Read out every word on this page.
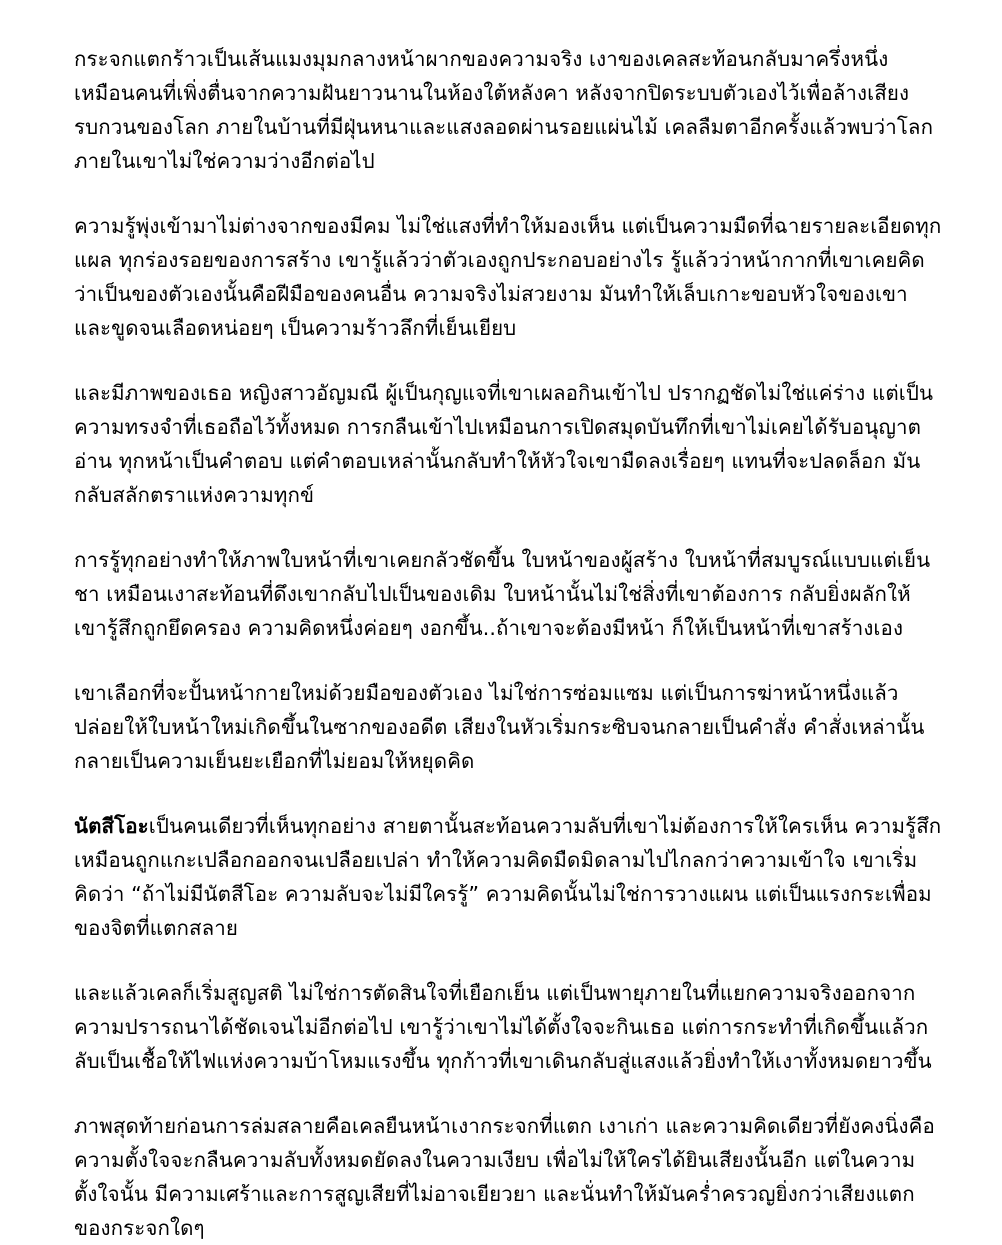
กระจกแตกร้าวเป็นเส้นแมงมุมกลางหน้าผากของความจริง เงาของเคลสะท้อนกลับมาครึ่งหนึ่ง เหมือนคนที่เพิ่งตื่นจากความฝันยาวนานในห้องใต้หลังคา หลังจากปิดระบบตัวเองไว้เพื่อล้างเสียงรบกวนของโลก ภายในบ้านที่มีฝุ่นหนาและแสงลอดผ่านรอยแผ่นไม้ เคลลืมตาอีกครั้งแล้วพบว่าโลกภายในเขาไม่ใช่ความว่างอีกต่อไป

ความรู้พุ่งเข้ามาไม่ต่างจากของมีคม ไม่ใช่แสงที่ทำให้มองเห็น แต่เป็นความมืดที่ฉายรายละเอียดทุกแผล ทุกร่องรอยของการสร้าง เขารู้แล้วว่าตัวเองถูกประกอบอย่างไร รู้แล้วว่าหน้ากากที่เขาเคยคิดว่าเป็นของตัวเองนั้นคือฝีมือของคนอื่น ความจริงไม่สวยงาม มันทำให้เล็บเกาะขอบหัวใจของเขาและขูดจนเลือดหน่อยๆ เป็นความร้าวลึกที่เย็นเยียบ

และมีภาพของเธอ หญิงสาวอัญมณี ผู้เป็นกุญแจที่เขาเผลอกินเข้าไป ปรากฏชัดไม่ใช่แค่ร่าง แต่เป็นความทรงจำที่เธอถือไว้ทั้งหมด การกลืนเข้าไปเหมือนการเปิดสมุดบันทึกที่เขาไม่เคยได้รับอนุญาตอ่าน ทุกหน้าเป็นคำตอบ แต่คำตอบเหล่านั้นกลับทำให้หัวใจเขามืดลงเรื่อยๆ แทนที่จะปลดล็อก มันกลับสลักตราแห่งความทุกข์

การรู้ทุกอย่างทำให้ภาพใบหน้าที่เขาเคยกลัวชัดขึ้น ใบหน้าของผู้สร้าง ใบหน้าที่สมบูรณ์แบบแต่เย็นชา เหมือนเงาสะท้อนที่ดึงเขากลับไปเป็นของเดิม ใบหน้านั้นไม่ใช่สิ่งที่เขาต้องการ กลับยิ่งผลักให้เขารู้สึกถูกยึดครอง ความคิดหนึ่งค่อยๆ งอกขึ้น..ถ้าเขาจะต้องมีหน้า ก็ให้เป็นหน้าที่เขาสร้างเอง

เขาเลือกที่จะปั้นหน้ากายใหม่ด้วยมือของตัวเอง ไม่ใช่การซ่อมแซม แต่เป็นการฆ่าหน้าหนึ่งแล้วปล่อยให้ใบหน้าใหม่เกิดขึ้นในซากของอดีต เสียงในหัวเริ่มกระซิบจนกลายเป็นคำสั่ง คำสั่งเหล่านั้นกลายเป็นความเย็นยะเยือกที่ไม่ยอมให้หยุดคิด

นัตสีโอะเป็นคนเดียวที่เห็นทุกอย่าง สายตานั้นสะท้อนความลับที่เขาไม่ต้องการให้ใครเห็น ความรู้สึกเหมือนถูกแกะเปลือกออกจนเปลือยเปล่า ทำให้ความคิดมืดมิดลามไปไกลกว่าความเข้าใจ เขาเริ่มคิดว่า “ถ้าไม่มีนัตสีโอะ ความลับจะไม่มีใครรู้” ความคิดนั้นไม่ใช่การวางแผน แต่เป็นแรงกระเพื่อมของจิตที่แตกสลาย

และแล้วเคลก็เริ่มสูญสติ ไม่ใช่การตัดสินใจที่เยือกเย็น แต่เป็นพายุภายในที่แยกความจริงออกจากความปรารถนาได้ชัดเจนไม่อีกต่อไป เขารู้ว่าเขาไม่ได้ตั้งใจจะกินเธอ แต่การกระทำที่เกิดขึ้นแล้วกลับเป็นเชื้อให้ไฟแห่งความบ้าโหมแรงขึ้น ทุกก้าวที่เขาเดินกลับสู่แสงแล้วยิ่งทำให้เงาทั้งหมดยาวขึ้น

ภาพสุดท้ายก่อนการล่มสลายคือเคลยืนหน้าเงากระจกที่แตก เงาเก่า และความคิดเดียวที่ยังคงนิ่งคือความตั้งใจจะกลืนความลับทั้งหมดยัดลงในความเงียบ เพื่อไม่ให้ใครได้ยินเสียงนั้นอีก แต่ในความตั้งใจนั้น มีความเศร้าและการสูญเสียที่ไม่อาจเยียวยา และนั่นทำให้มันคร่ำครวญยิ่งกว่าเสียงแตกของกระจกใดๆ
